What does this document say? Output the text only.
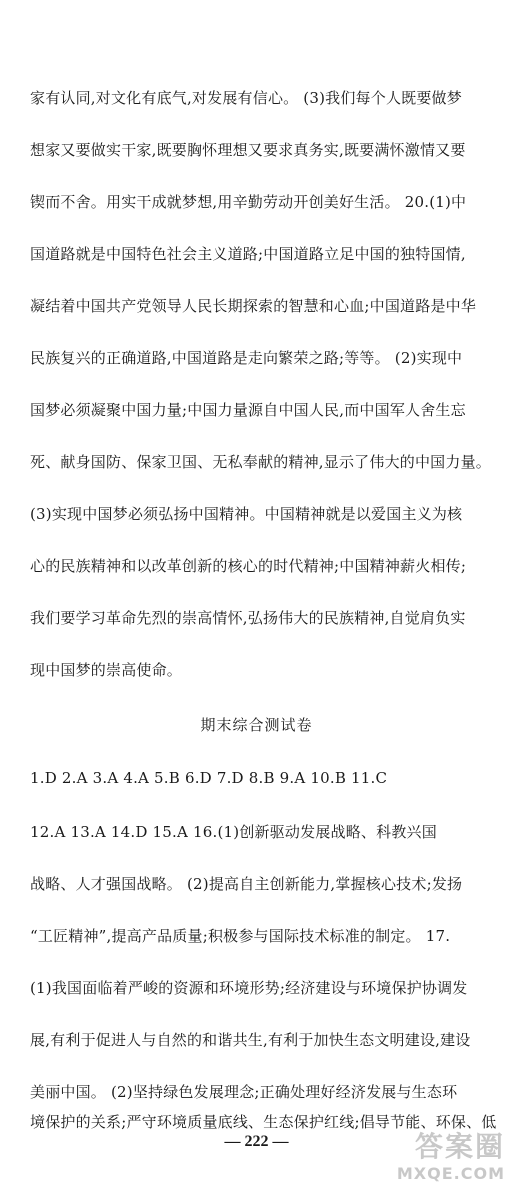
家有认同,对文化有底气,对发展有信心。 (3)我们每个人既要做梦
想家又要做实干家,既要胸怀理想又要求真务实,既要满怀激情又要
锲而不舍。用实干成就梦想,用辛勤劳动开创美好生活。 20.(1)中
国道路就是中国特色社会主义道路;中国道路立足中国的独特国情,
凝结着中国共产党领导人民长期探索的智慧和心血;中国道路是中华
民族复兴的正确道路,中国道路是走向繁荣之路;等等。 (2)实现中
国梦必须凝聚中国力量;中国力量源自中国人民,而中国军人舍生忘
死、献身国防、保家卫国、无私奉献的精神,显示了伟大的中国力量。
(3)实现中国梦必须弘扬中国精神。中国精神就是以爱国主义为核
心的民族精神和以改革创新的核心的时代精神;中国精神薪火相传;
我们要学习革命先烈的崇高情怀,弘扬伟大的民族精神,自觉肩负实
现中国梦的崇高使命。
期末综合测试卷
1.D 2.A 3.A 4.A 5.B 6.D 7.D 8.B 9.A 10.B 11.C
12.A 13.A 14.D 15.A 16.(1)创新驱动发展战略、科教兴国
战略、人才强国战略。 (2)提高自主创新能力,掌握核心技术;发扬
“工匠精神”,提高产品质量;积极参与国际技术标准的制定。 17.
(1)我国面临着严峻的资源和环境形势;经济建设与环境保护协调发
展,有利于促进人与自然的和谐共生,有利于加快生态文明建设,建设
美丽中国。 (2)坚持绿色发展理念;正确处理好经济发展与生态环
境保护的关系;严守环境质量底线、生态保护红线;倡导节能、环保、低
— 222 —	答案圈
MXQE.COM
